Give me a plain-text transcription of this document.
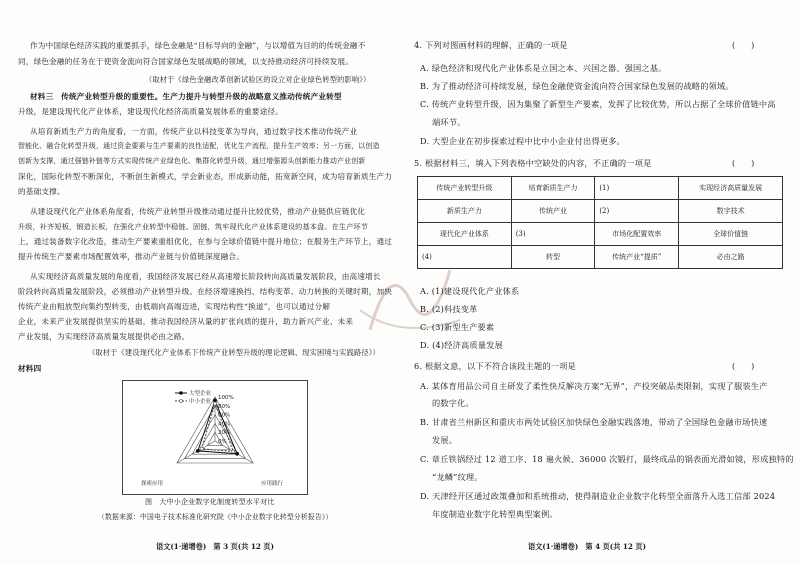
作为中国绿色经济实践的重要抓手，绿色金融是“目标导向的金融”，与以增值为目的的传统金融不
同，绿色金融的任务在于使资金流向符合国家绿色发展战略的领域，以支持推动经济可持续发展。
（取材于《绿色金融改革创新试验区的设立对企业绿色转型的影响》）
材料三　传统产业转型升级的重要性。生产力提升与转型升级的战略意义推动传统产业转型
升级，是建设现代化产业体系，建设现代化经济高质量发展体系的重要途径。
从培育新质生产力的角度看，一方面，传统产业以科技变革为导向，通过数字技术推动传统产业
智能化、融合化转型升级，通过资金要素与生产要素的良性适配，优化生产流程，提升生产效率；另一方面，以创造
创新为支撑，通过强链补链等方式实现传统产业绿色化、集群化转型升级，通过增强源头创新能力推动产业创新
深化，国际化转型不断深化，不断创生新模式，学会新业态，形成新动能，拓宽新空间，成为培育新质生产力
的基础支撑。
从建设现代化产业体系角度看，传统产业转型升级推动通过提升比较优势，推动产业链供应链优化
升级，补齐短板，锻造长板，在强化产业转型中稳链、固链，筑牢现代化产业体系建设的基本盘。在生产环节
上，通过装备数字化改造，推动生产要素重组优化，在参与全球价值链中提升地位；在服务生产环节上，通过
提升传统生产要素市场配置效率，推动产业链与价值链深度融合。
从实现经济高质量发展的角度看，我国经济发展已经从高速增长阶段转向高质量发展阶段，由高速增长
阶段转向高质量发展阶段，必须推动产业转型升级。在经济增速换挡、结构变革、动力转换的关键时期，加快
传统产业由粗放型向集约型转变，由低端向高端迈进，实现结构性“换道”，也可以通过分解
企业，未来产业发展提供坚实的基础，推动我国经济从量的扩张向质的提升，助力新兴产业、未来
产业发展，为实现经济高质量发展提供必由之路。
（取材于《建设现代化产业体系下传统产业转型升级的理论逻辑、现实困境与实践路径》）
材料四
100%
80%
60%
40%
20%
0%
探索应用	应用践行
大型企业
中小企业
图　大中小企业数字化制度转型水平对比
（数据来源：中国电子技术标准化研究院《中小企业数字化转型分析报告》）
语文(1·递增卷)　第 3 页(共 12 页)
4. 下列对图画材料的理解，正确的一项是	(　　)
A. 绿色经济和现代化产业体系是立国之本、兴国之器、强国之基。
B. 为了推动经济可持续发展，绿色金融使资金流向符合国家绿色发展的战略的领域。
C. 传统产业转型升级，因为集聚了新型生产要素，发挥了比较优势，所以占据了全球价值链中高
端环节。
D. 大型企业在初步探索过程中比中小企业付出得更多。
5. 根据材料三，填入下列表格中空缺处的内容，不正确的一项是	(　　)
传统产业转型升级	培育新质生产力	(1)	实现经济高质量发展
新质生产力	传统产业	(2)	数字技术
现代化产业体系	(3)	市场化配置效率	全球价值链
(4)	转型	传统产业“提质”	必由之路
A. (1)建设现代化产业体系
B. (2)科技变革
C. (3)新型生产要素
D. (4)经济高质量发展
6. 根据文意，以下不符合该段主题的一项是	(　　)
A. 某体育用品公司自主研发了柔性快反解决方案“无界”，产投突破品类限制，实现了服装生产
的数字化。
B. 甘肃省兰州新区和重庆市两处试验区加快绿色金融实践落地，带动了全国绿色金融市场快速
发展。
C. 章丘铁锅经过 12 道工序、18 遍火候、36000 次锻打，最终成品的锅表面光滑如镜，形成独特的
“龙鳞”纹理。
D. 天津经开区通过政策叠加和系统推动，使得制造业企业数字化转型全面落升入选工信部 2024
年度制造业数字化转型典型案例。
语文(1·递增卷)　第 4 页(共 12 页)
